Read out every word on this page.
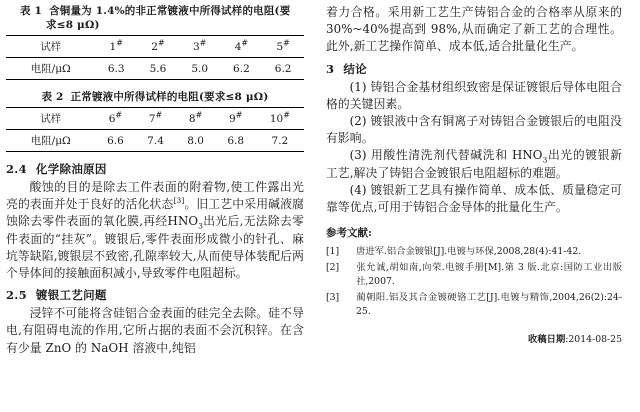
表 1 含铜量为 1.4%的非正常镀液中所得试样的电阻(要
求≤8 μΩ)
试样	1#	2#	3#	4#	5#
电阻/μΩ	6.3	5.6	5.0	6.2	6.2
表 2 正常镀液中所得试样的电阻(要求≤8 μΩ)
试样	6#	7#	8#	9#	10#
电阻/μΩ	6.6	7.4	8.0	6.8	7.2
2.4 化学除油原因

酸蚀的目的是除去工件表面的附着物,使工件露出光亮的表面并处于良好的活化状态[3]。旧工艺中采用碱液腐蚀除去零件表面的氧化膜,再经$HNO_3$出光后,无法除去零件表面的“挂灰”。镀银后,零件表面形成微小的针孔、麻坑等缺陷,镀银层不致密,孔隙率较大,从而使导体装配后两个导体间的接触面积减小,导致零件电阻超标。

2.5 镀银工艺问题

浸锌不可能将含硅铝合金表面的硅完全去除。硅不导电,有阻碍电流的作用,它所占据的表面不会沉积锌。在含有少量 ZnO 的 NaOH 溶液中,纯铝

着力合格。采用新工艺生产铸铝合金的合格率从原来的 30%~40%提高到 98%,从而确定了新工艺的合理性。此外,新工艺操作简单、成本低,适合批量化生产。

3 结论

(1) 铸铝合金基材组织致密是保证镀银后导体电阻合格的关键因素。

(2) 镀银液中含有铜离子对铸铝合金镀银后的电阻没有影响。

(3) 用酸性清洗剂代替碱洗和 $HNO_3$出光的镀银新工艺,解决了铸铝合金镀银后电阻超标的难题。

(4) 镀银新工艺具有操作简单、成本低、质量稳定可靠等优点,可用于铸铝合金导体的批量化生产。

参考文献:
[1] 唐进军.铝合金镀银[J].电镀与环保,2008,28(4):41-42.
[2] 张允诚,胡如南,向荣.电镀手册[M].第 3 版.北京:国防工业出版社,2007.
[3] 蔺朝阳.铝及其合金镀硬铬工艺[J].电镀与精饰,2004,26(2):24-25.
收稿日期:2014-08-25
